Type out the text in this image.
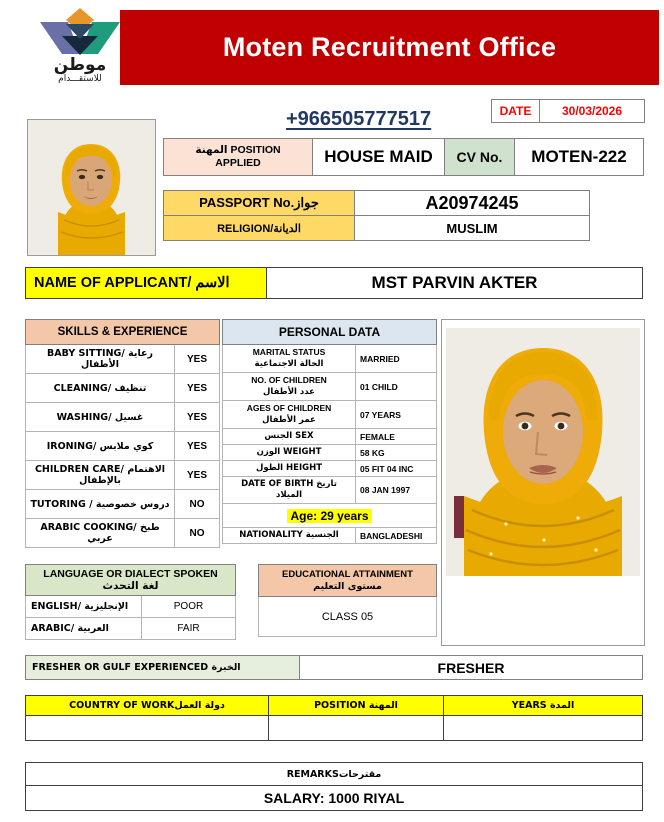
موطن
للاستقـــدام
Moten Recruitment Office
+966505777517	DATE	30/03/2026
المهنة POSITION
APPLIED	HOUSE MAID	CV No.	MOTEN-222
PASSPORT No.جواز	A20974245
RELIGION/الديانة	MUSLIM
NAME OF APPLICANT/ الاسم	MST PARVIN AKTER
SKILLS & EXPERIENCE	
BABY SITTING/ رعاية الأطفال	YES
CLEANING/ تنظيف	YES
WASHING/ غسيل	YES
IRONING/ كوي ملابس	YES
CHILDREN CARE/ الاهتمام بالإطفال	YES
TUTORING / دروس خصوصية	NO
ARABIC COOKING/ طبخ عربي	NO
PERSONAL DATA	
MARITAL STATUS
الحالة الاجتماعية	MARRIED
NO. OF CHILDREN
عدد الأطفال	01 CHILD
AGES OF CHILDREN
عمر الأطفال	07 YEARS
الجنس SEX	FEMALE
الوزن WEIGHT	58 KG
الطول HEIGHT	05 FIT 04 INC
DATE OF BIRTH تاريخ الميلاد	08 JAN 1997
Age: 29 years	
NATIONALITY الجنسية	BANGLADESHI
LANGUAGE OR DIALECT SPOKEN
لغة التحدث	
ENGLISH/ الإنجليزية	POOR
ARABIC/ العربية	FAIR
EDUCATIONAL ATTAINMENT
مستوى التعليم
CLASS 05
FRESHER OR GULF EXPERIENCED الخبرة	FRESHER
COUNTRY OF WORKدولة العمل	POSITION المهنة	YEARS المدة

REMARKSمقترحات
SALARY: 1000 RIYAL
